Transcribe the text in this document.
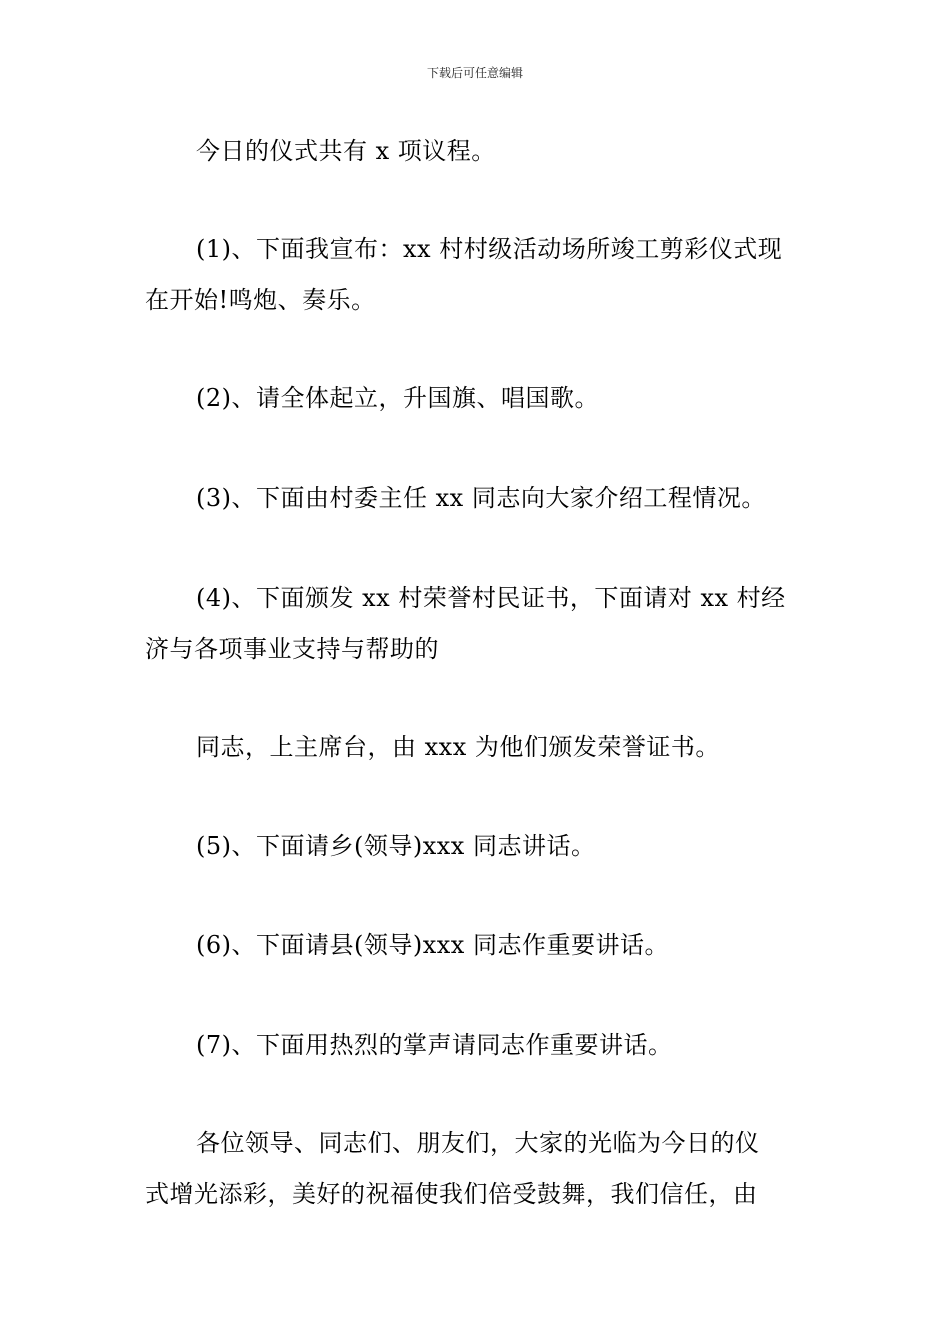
下载后可任意编辑
今日的仪式共有 x 项议程。
(1)、下面我宣布：xx 村村级活动场所竣工剪彩仪式现
在开始!鸣炮、奏乐。
(2)、请全体起立，升国旗、唱国歌。
(3)、下面由村委主任 xx 同志向大家介绍工程情况。
(4)、下面颁发 xx 村荣誉村民证书，下面请对 xx 村经
济与各项事业支持与帮助的
同志，上主席台，由 xxx 为他们颁发荣誉证书。
(5)、下面请乡(领导)xxx 同志讲话。
(6)、下面请县(领导)xxx 同志作重要讲话。
(7)、下面用热烈的掌声请同志作重要讲话。
各位领导、同志们、朋友们，大家的光临为今日的仪
式增光添彩，美好的祝福使我们倍受鼓舞，我们信任，由
